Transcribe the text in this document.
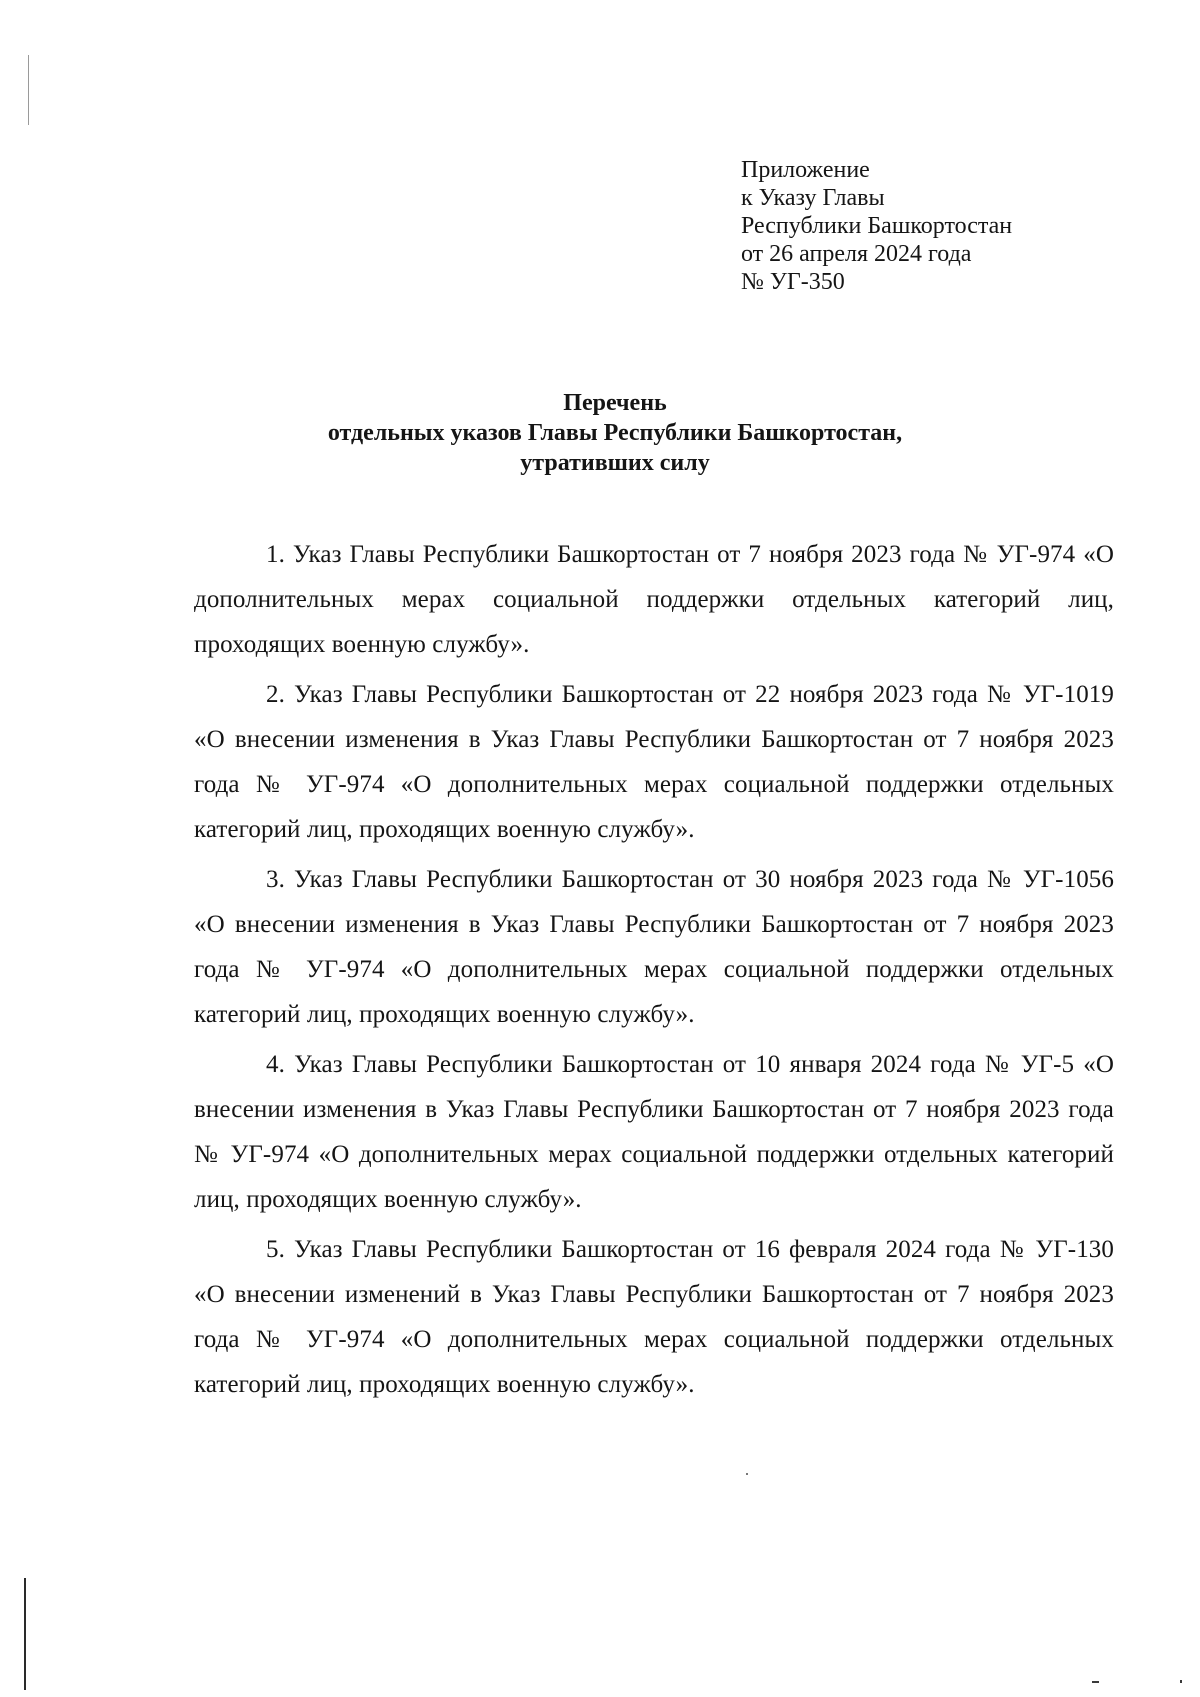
Приложение
к Указу Главы
Республики Башкортостан
от 26 апреля 2024 года
№ УГ-350
Перечень
отдельных указов Главы Республики Башкортостан,
утративших силу

1. Указ Главы Республики Башкортостан от 7 ноября 2023 года № УГ-974 «О дополнительных мерах социальной поддержки отдельных категорий лиц, проходящих военную службу».

2. Указ Главы Республики Башкортостан от 22 ноября 2023 года № УГ-1019 «О внесении изменения в Указ Главы Республики Башкортостан от 7 ноября 2023 года № УГ-974 «О дополнительных мерах социальной поддержки отдельных категорий лиц, проходящих военную службу».

3. Указ Главы Республики Башкортостан от 30 ноября 2023 года № УГ-1056 «О внесении изменения в Указ Главы Республики Башкортостан от 7 ноября 2023 года № УГ-974 «О дополнительных мерах социальной поддержки отдельных категорий лиц, проходящих военную службу».

4. Указ Главы Республики Башкортостан от 10 января 2024 года № УГ-5 «О внесении изменения в Указ Главы Республики Башкортостан от 7 ноября 2023 года № УГ-974 «О дополнительных мерах социальной поддержки отдельных категорий лиц, проходящих военную службу».

5. Указ Главы Республики Башкортостан от 16 февраля 2024 года № УГ-130 «О внесении изменений в Указ Главы Республики Башкортостан от 7 ноября 2023 года № УГ-974 «О дополнительных мерах социальной поддержки отдельных категорий лиц, проходящих военную службу».
